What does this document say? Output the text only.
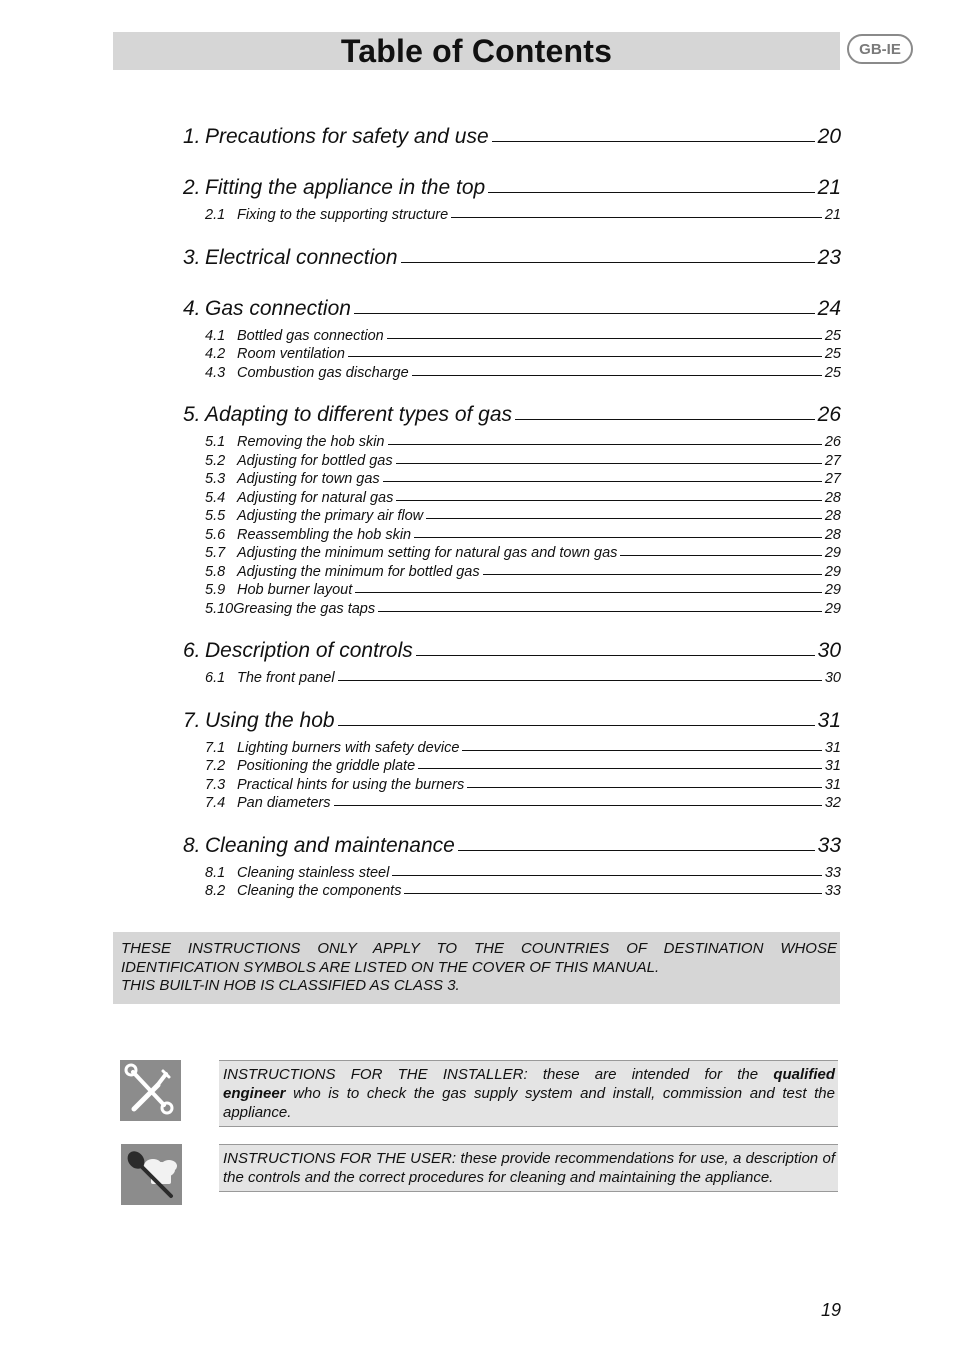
Table of Contents	GB-IE
1. Precautions for safety and use	20
2. Fitting the appliance in the top	21
2.1 Fixing to the supporting structure	21
3. Electrical connection	23
4. Gas connection	24
4.1 Bottled gas connection	25
4.2 Room ventilation	25
4.3 Combustion gas discharge	25
5. Adapting to different types of gas	26
5.1 Removing the hob skin	26
5.2 Adjusting for bottled gas	27
5.3 Adjusting for town gas	27
5.4 Adjusting for natural gas	28
5.5 Adjusting the primary air flow	28
5.6 Reassembling the hob skin	28
5.7 Adjusting the minimum setting for natural gas and town gas	29
5.8 Adjusting the minimum for bottled gas	29
5.9 Hob burner layout	29
5.10 Greasing the gas taps	29
6. Description of controls	30
6.1 The front panel	30
7. Using the hob	31
7.1 Lighting burners with safety device	31
7.2 Positioning the griddle plate	31
7.3 Practical hints for using the burners	31
7.4 Pan diameters	32
8. Cleaning and maintenance	33
8.1 Cleaning stainless steel	33
8.2 Cleaning the components	33

THESE INSTRUCTIONS ONLY APPLY TO THE COUNTRIES OF DESTINATION WHOSE

IDENTIFICATION SYMBOLS ARE LISTED ON THE COVER OF THIS MANUAL.

THIS BUILT-IN HOB IS CLASSIFIED AS CLASS 3.

INSTRUCTIONS FOR THE INSTALLER: these are intended for the qualified

engineer who is to check the gas supply system and install, commission and test the appliance.

INSTRUCTIONS FOR THE USER: these provide recommendations for use, a description of the controls and the correct procedures for cleaning and maintaining the appliance.

19
